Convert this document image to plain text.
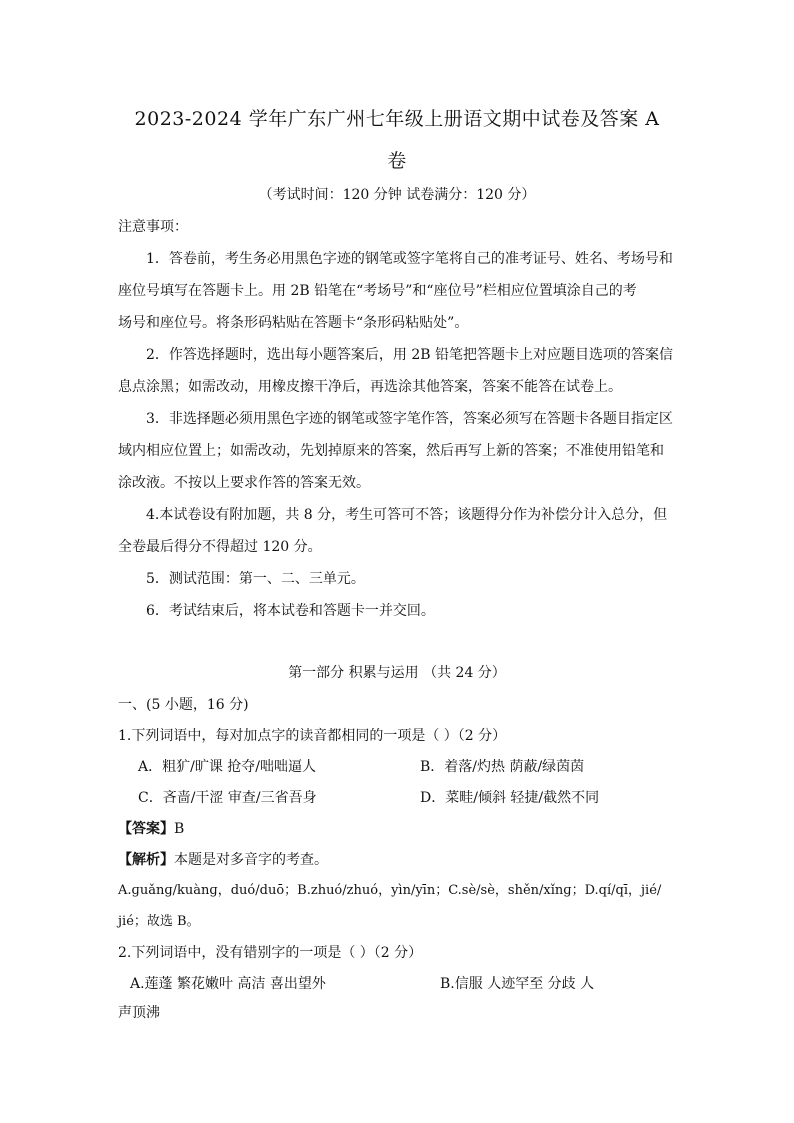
2023-2024 学年广东广州七年级上册语文期中试卷及答案 A
卷
（考试时间：120 分钟 试卷满分：120 分）
注意事项：
1．答卷前，考生务必用黑色字迹的钢笔或签字笔将自己的准考证号、姓名、考场号和
座位号填写在答题卡上。用 2B 铅笔在“考场号”和“座位号”栏相应位置填涂自己的考
场号和座位号。将条形码粘贴在答题卡“条形码粘贴处”。
2．作答选择题时，选出每小题答案后，用 2B 铅笔把答题卡上对应题目选项的答案信
息点涂黑；如需改动，用橡皮擦干净后，再选涂其他答案，答案不能答在试卷上。
3．非选择题必须用黑色字迹的钢笔或签字笔作答，答案必须写在答题卡各题目指定区
域内相应位置上；如需改动，先划掉原来的答案，然后再写上新的答案；不准使用铅笔和
涂改液。不按以上要求作答的答案无效。
4.本试卷设有附加题，共 8 分，考生可答可不答；该题得分作为补偿分计入总分，但
全卷最后得分不得超过 120 分。
5．测试范围：第一、二、三单元。
6．考试结束后，将本试卷和答题卡一并交回。
第一部分 积累与运用 （共 24 分）
一、(5 小题，16 分)
1.下列词语中，每对加点字的读音都相同的一项是（ ）（2 分）
A．粗犷/旷课 抢夺/咄咄逼人	B．着落/灼热 荫蔽/绿茵茵
C．吝啬/干涩 审查/三省吾身	D．菜畦/倾斜 轻捷/截然不同
【答案】B
【解析】本题是对多音字的考查。
A.ɡuǎnɡ/kuànɡ，duó/duō；B.zhuó/zhuó，yìn/yīn；C.sè/sè，shěn/xǐnɡ；D.qí/qī，jié/
jié；故选 B。
2.下列词语中，没有错别字的一项是（ ）（2 分）
A.莲蓬 繁花嫩叶 高洁 喜出望外	B.信服 人迹罕至 分歧 人
声顶沸
